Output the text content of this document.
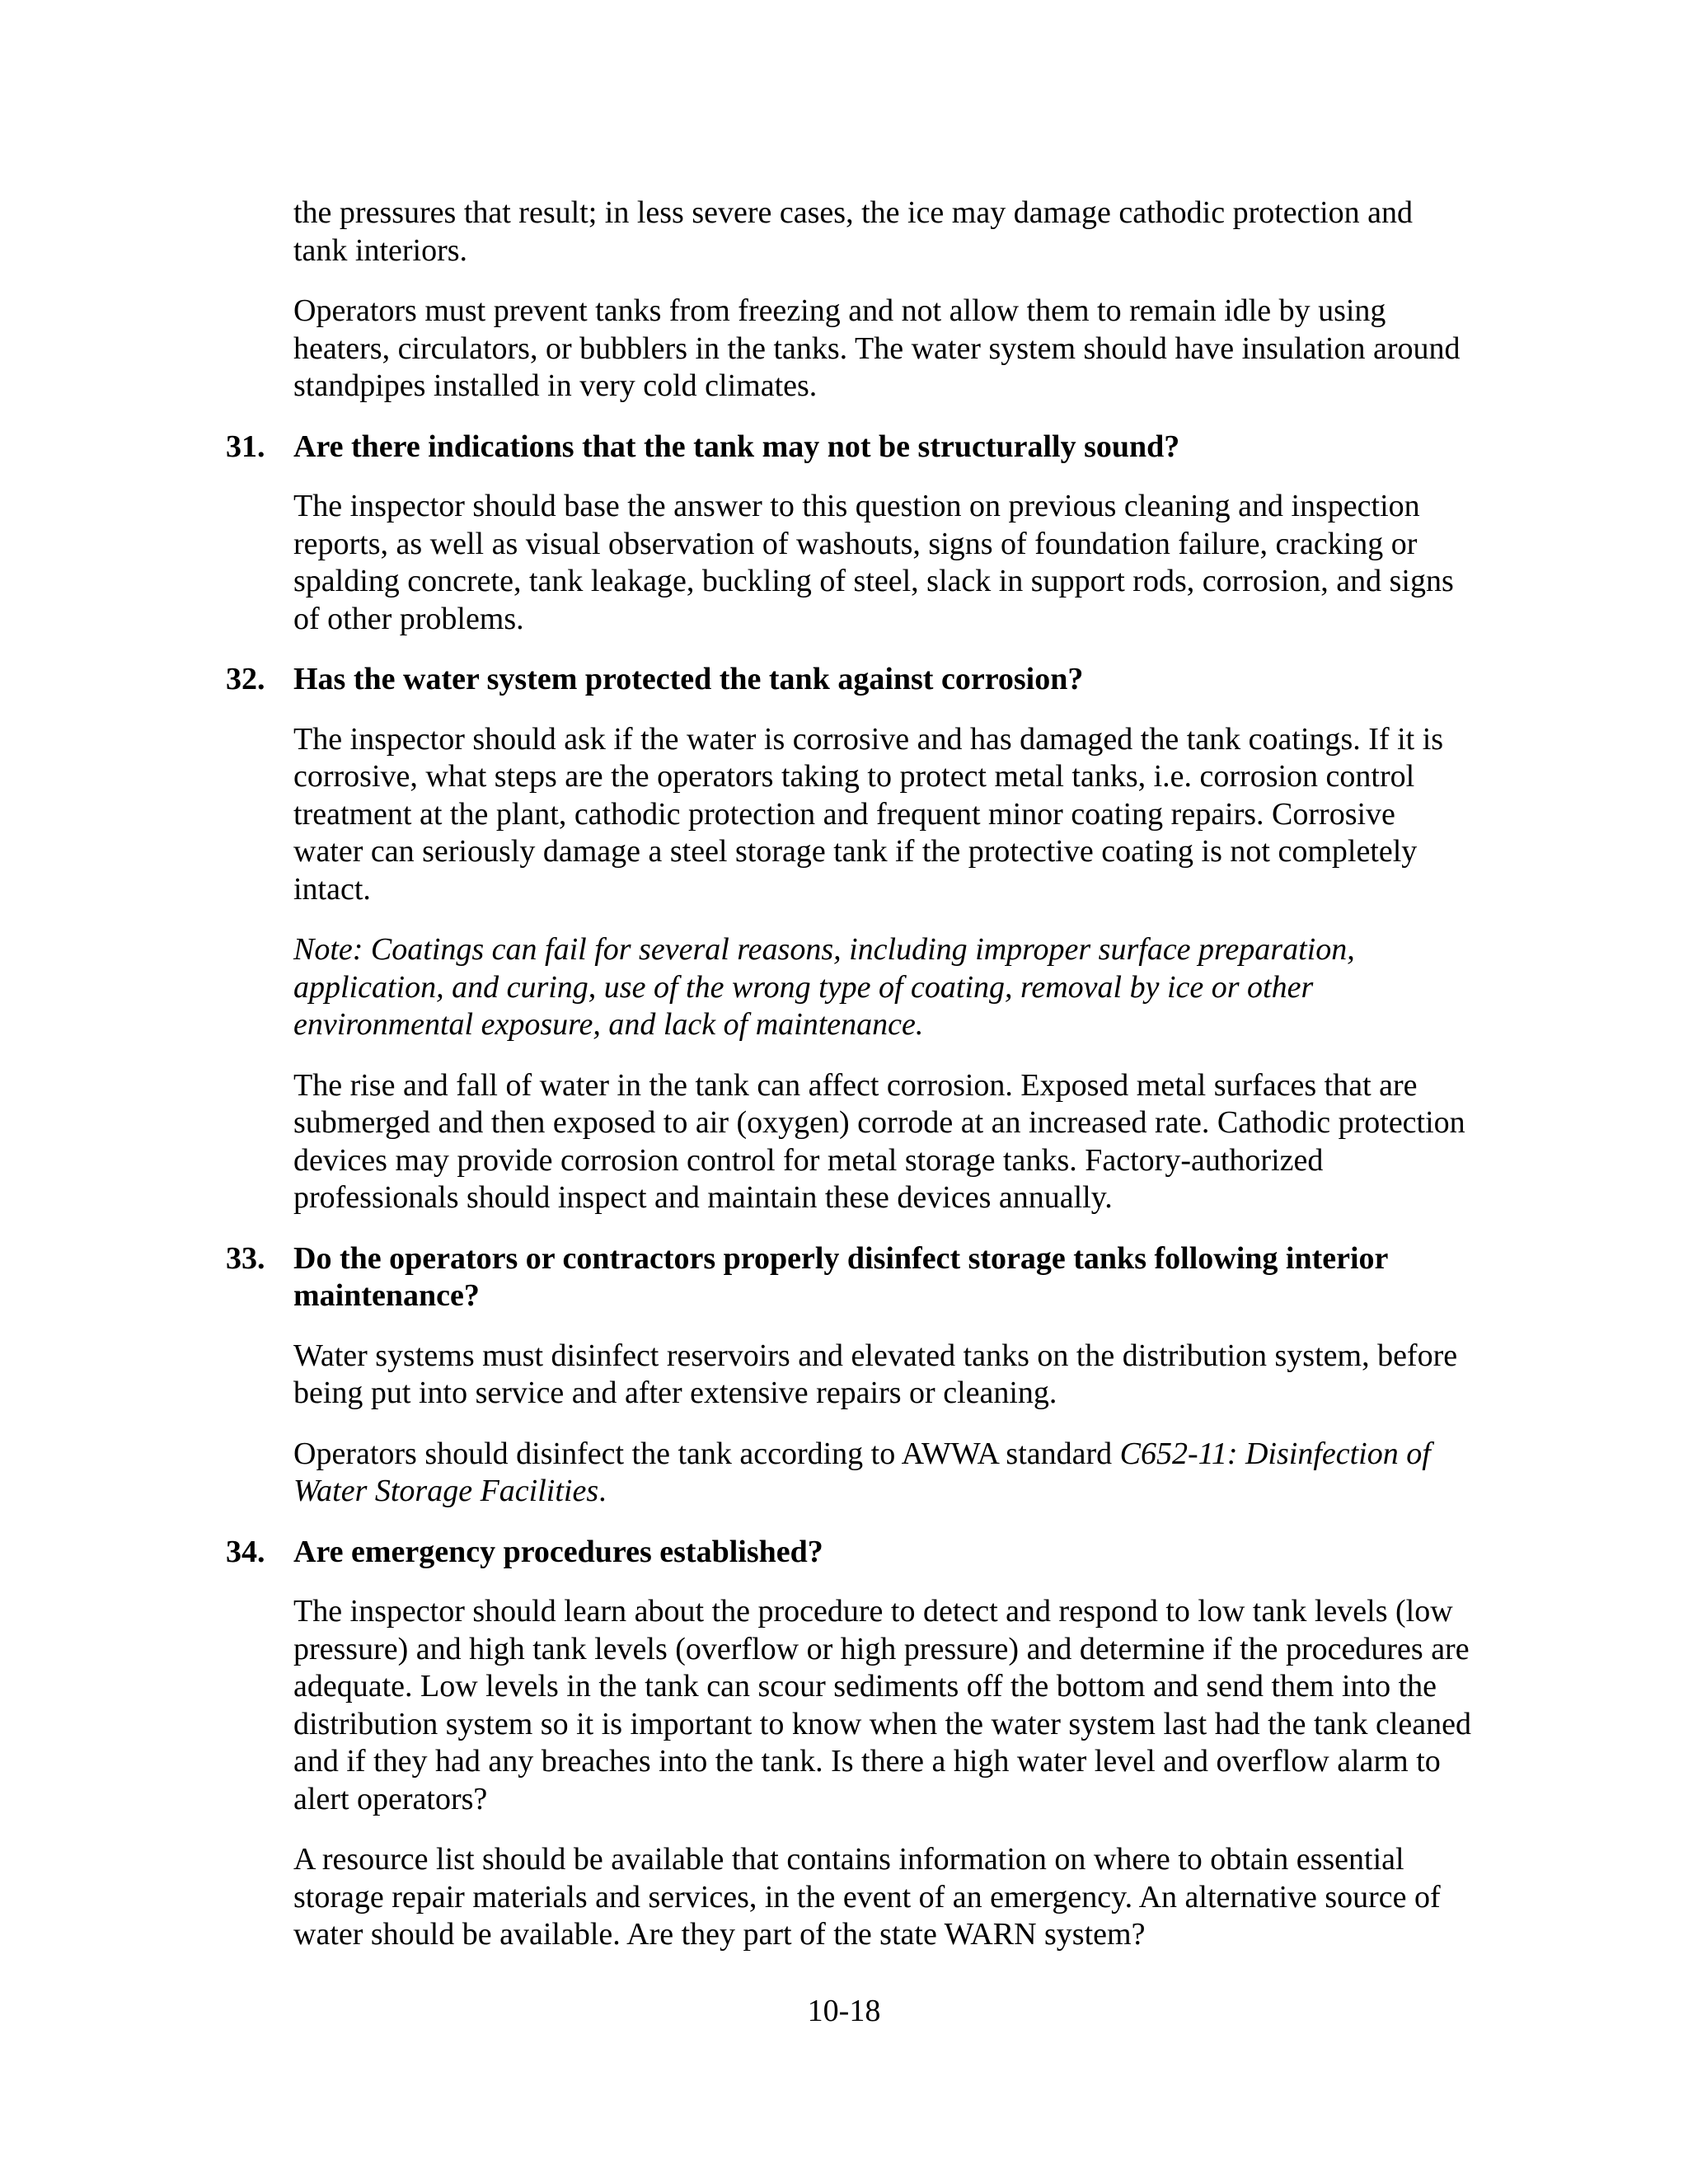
the pressures that result; in less severe cases, the ice may damage cathodic protection and tank interiors.

Operators must prevent tanks from freezing and not allow them to remain idle by using heaters, circulators, or bubblers in the tanks. The water system should have insulation around standpipes installed in very cold climates.

31. Are there indications that the tank may not be structurally sound?

The inspector should base the answer to this question on previous cleaning and inspection reports, as well as visual observation of washouts, signs of foundation failure, cracking or spalding concrete, tank leakage, buckling of steel, slack in support rods, corrosion, and signs of other problems.

32. Has the water system protected the tank against corrosion?

The inspector should ask if the water is corrosive and has damaged the tank coatings. If it is corrosive, what steps are the operators taking to protect metal tanks, i.e. corrosion control treatment at the plant, cathodic protection and frequent minor coating repairs. Corrosive water can seriously damage a steel storage tank if the protective coating is not completely intact.

Note: Coatings can fail for several reasons, including improper surface preparation, application, and curing, use of the wrong type of coating, removal by ice or other environmental exposure, and lack of maintenance.

The rise and fall of water in the tank can affect corrosion. Exposed metal surfaces that are submerged and then exposed to air (oxygen) corrode at an increased rate. Cathodic protection devices may provide corrosion control for metal storage tanks. Factory-authorized professionals should inspect and maintain these devices annually.

33. Do the operators or contractors properly disinfect storage tanks following interior maintenance?

Water systems must disinfect reservoirs and elevated tanks on the distribution system, before being put into service and after extensive repairs or cleaning.

Operators should disinfect the tank according to AWWA standard C652-11: Disinfection of Water Storage Facilities.

34. Are emergency procedures established?

The inspector should learn about the procedure to detect and respond to low tank levels (low pressure) and high tank levels (overflow or high pressure) and determine if the procedures are adequate. Low levels in the tank can scour sediments off the bottom and send them into the distribution system so it is important to know when the water system last had the tank cleaned and if they had any breaches into the tank. Is there a high water level and overflow alarm to alert operators?

A resource list should be available that contains information on where to obtain essential storage repair materials and services, in the event of an emergency. An alternative source of water should be available. Are they part of the state WARN system?

10-18
